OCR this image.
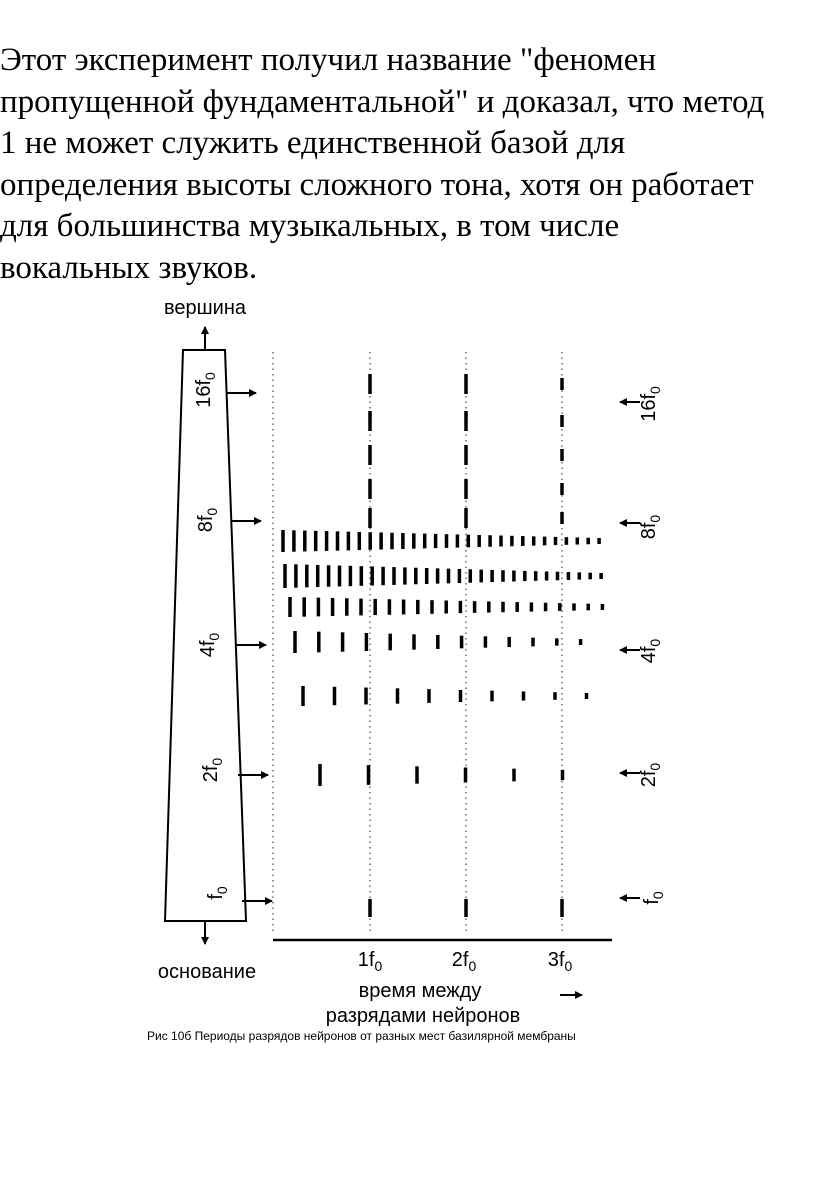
Этот эксперимент получил название "феномен
пропущенной фундаментальной" и доказал, что метод
1 не может служить единственной базой для
определения высоты сложного тона, хотя он работает
для большинства музыкальных, в том числе
вокальных звуков.
вершина
основание
$16f_0$
$8f_0$
$4f_0$
$2f_0$
$f_0$
$16f_0$
$8f_0$
$4f_0$
$2f_0$
$f_0$
$1f_0$	$2f_0$	$3f_0$
время между
разрядами нейронов
Рис 10б Периоды разрядов нейронов от разных мест базилярной мембраны
